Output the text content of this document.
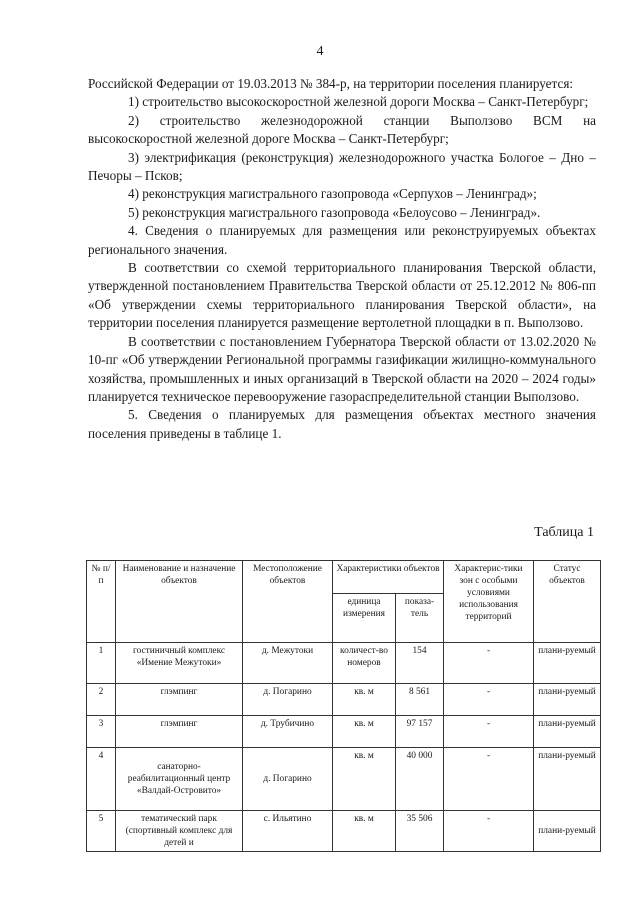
4

Российской Федерации от 19.03.2013 № 384-р, на территории поселения планируется:

1) строительство высокоскоростной железной дороги Москва – Санкт-Петербург;

2) строительство железнодорожной станции Выползово ВСМ на высокоскоростной железной дороге Москва – Санкт-Петербург;

3) электрификация (реконструкция) железнодорожного участка Бологое – Дно – Печоры – Псков;

4) реконструкция магистрального газопровода «Серпухов – Ленинград»;

5) реконструкция магистрального газопровода «Белоусово – Ленинград».

4. Сведения о планируемых для размещения или реконструируемых объектах регионального значения.

В соответствии со схемой территориального планирования Тверской области, утвержденной постановлением Правительства Тверской области от 25.12.2012 № 806-пп «Об утверждении схемы территориального планирования Тверской области», на территории поселения планируется размещение вертолетной площадки в п. Выползово.

В соответствии с постановлением Губернатора Тверской области от 13.02.2020 № 10-пг «Об утверждении Региональной программы газификации жилищно-коммунального хозяйства, промышленных и иных организаций в Тверской области на 2020 – 2024 годы» планируется техническое перевооружение газораспределительной станции Выползово.

5. Сведения о планируемых для размещения объектах местного значения поселения приведены в таблице 1.

Таблица 1
№ п/п	Наименование и назначение объектов	Местоположение объектов	Характеристики объектов		Характерис-тики зон с особыми условиями использования территорий	Статус объектов
			единица измерения	показа-тель		
1	гостиничный комплекс «Имение Межутоки»	д. Межутоки	количест-во номеров	154	-	плани-руемый
2	глэмпинг	д. Погарино	кв. м	8 561	-	плани-руемый
3	глэмпинг	д. Трубичино	кв. м	97 157	-	плани-руемый
4	санаторно-реабилитационный центр «Валдай-Островито»	д. Погарино	кв. м	40 000	-	плани-руемый
5	тематический парк (спортивный комплекс для детей и	с. Ильятино	кв. м	35 506	-	плани-руемый
